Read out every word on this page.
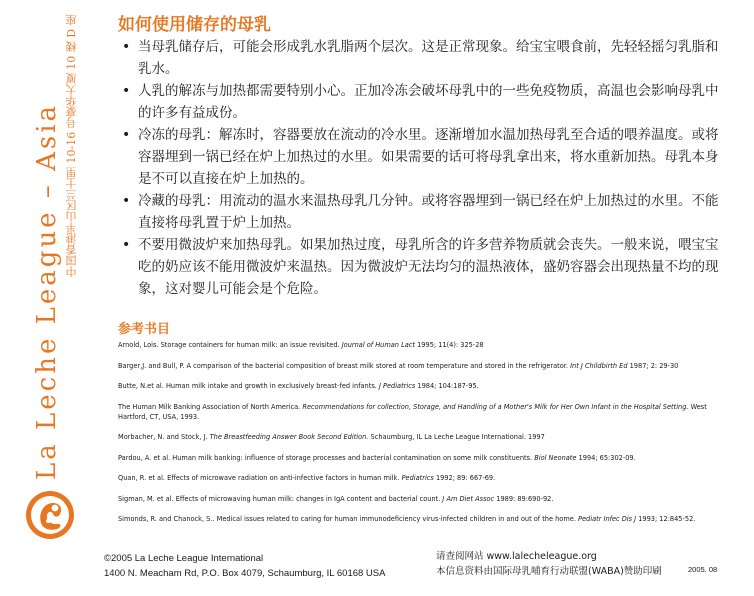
La Leche League – Asia 中国香港半山区兰士里 10-16 号豪华大厦 10 楼 D 座 如何使用储存的母乳
• 当母乳储存后，可能会形成乳水乳脂两个层次。这是正常现象。给宝宝喂食前，先轻轻摇匀乳脂和乳水。
• 人乳的解冻与加热都需要特别小心。正加冷冻会破坏母乳中的一些免疫物质，高温也会影响母乳中的许多有益成份。
• 冷冻的母乳：解冻时，容器要放在流动的冷水里。逐渐增加水温加热母乳至合适的喂养温度。或将容器埋到一锅已经在炉上加热过的水里。如果需要的话可将母乳拿出来，将水重新加热。母乳本身是不可以直接在炉上加热的。
• 冷藏的母乳：用流动的温水来温热母乳几分钟。或将容器埋到一锅已经在炉上加热过的水里。不能直接将母乳置于炉上加热。
• 不要用微波炉来加热母乳。如果加热过度，母乳所含的许多营养物质就会丧失。一般来说，喂宝宝吃的奶应该不能用微波炉来温热。因为微波炉无法均匀的温热液体，盛奶容器会出现热量不均的现象，这对婴儿可能会是个危险。
参考书目
Arnold, Lois. Storage containers for human milk: an issue revisited. Journal of Human Lact 1995; 11(4): 325-28
Barger,J. and Bull, P. A comparison of the bacterial composition of breast milk stored at room temperature and stored in the refrigerator. Int J Childbirth Ed 1987; 2: 29-30
Butte, N.et al. Human milk intake and growth in exclusively breast-fed infants. J Pediatrics 1984; 104:187-95.
The Human Milk Banking Association of North America. Recommendations for collection, Storage, and Handling of a Mother's Milk for Her Own Infant in the Hospital Setting. West Hartford, CT, USA, 1993.
Morbacher, N. and Stock, J. The Breastfeeding Answer Book Second Edition. Schaumburg, IL La Leche League International. 1997
Pardou, A. et al. Human milk banking: influence of storage processes and bacterial contamination on some milk constituents. Biol Neonate 1994; 65:302-09.
Quan, R. et al. Effects of microwave radiation on anti-infective factors in human milk. Pediatrics 1992; 89: 667-69.
Sigman, M. et al. Effects of microwaving human milk: changes in IgA content and bacterial count. J Am Diet Assoc 1989: 89:690-92.
Simonds, R. and Chanock, S.. Medical issues related to caring for human immunodeficiency virus-infected children in and out of the home. Pediatr Infec Dis J 1993; 12:845-52.
©2005 La Leche League International
1400 N. Meacham Rd, P.O. Box 4079, Schaumburg, IL 60168 USA
请查阅网站 www.lalecheleague.org
本信息资料由国际母乳哺育行动联盟(WABA)赞助印刷	2005. 08
